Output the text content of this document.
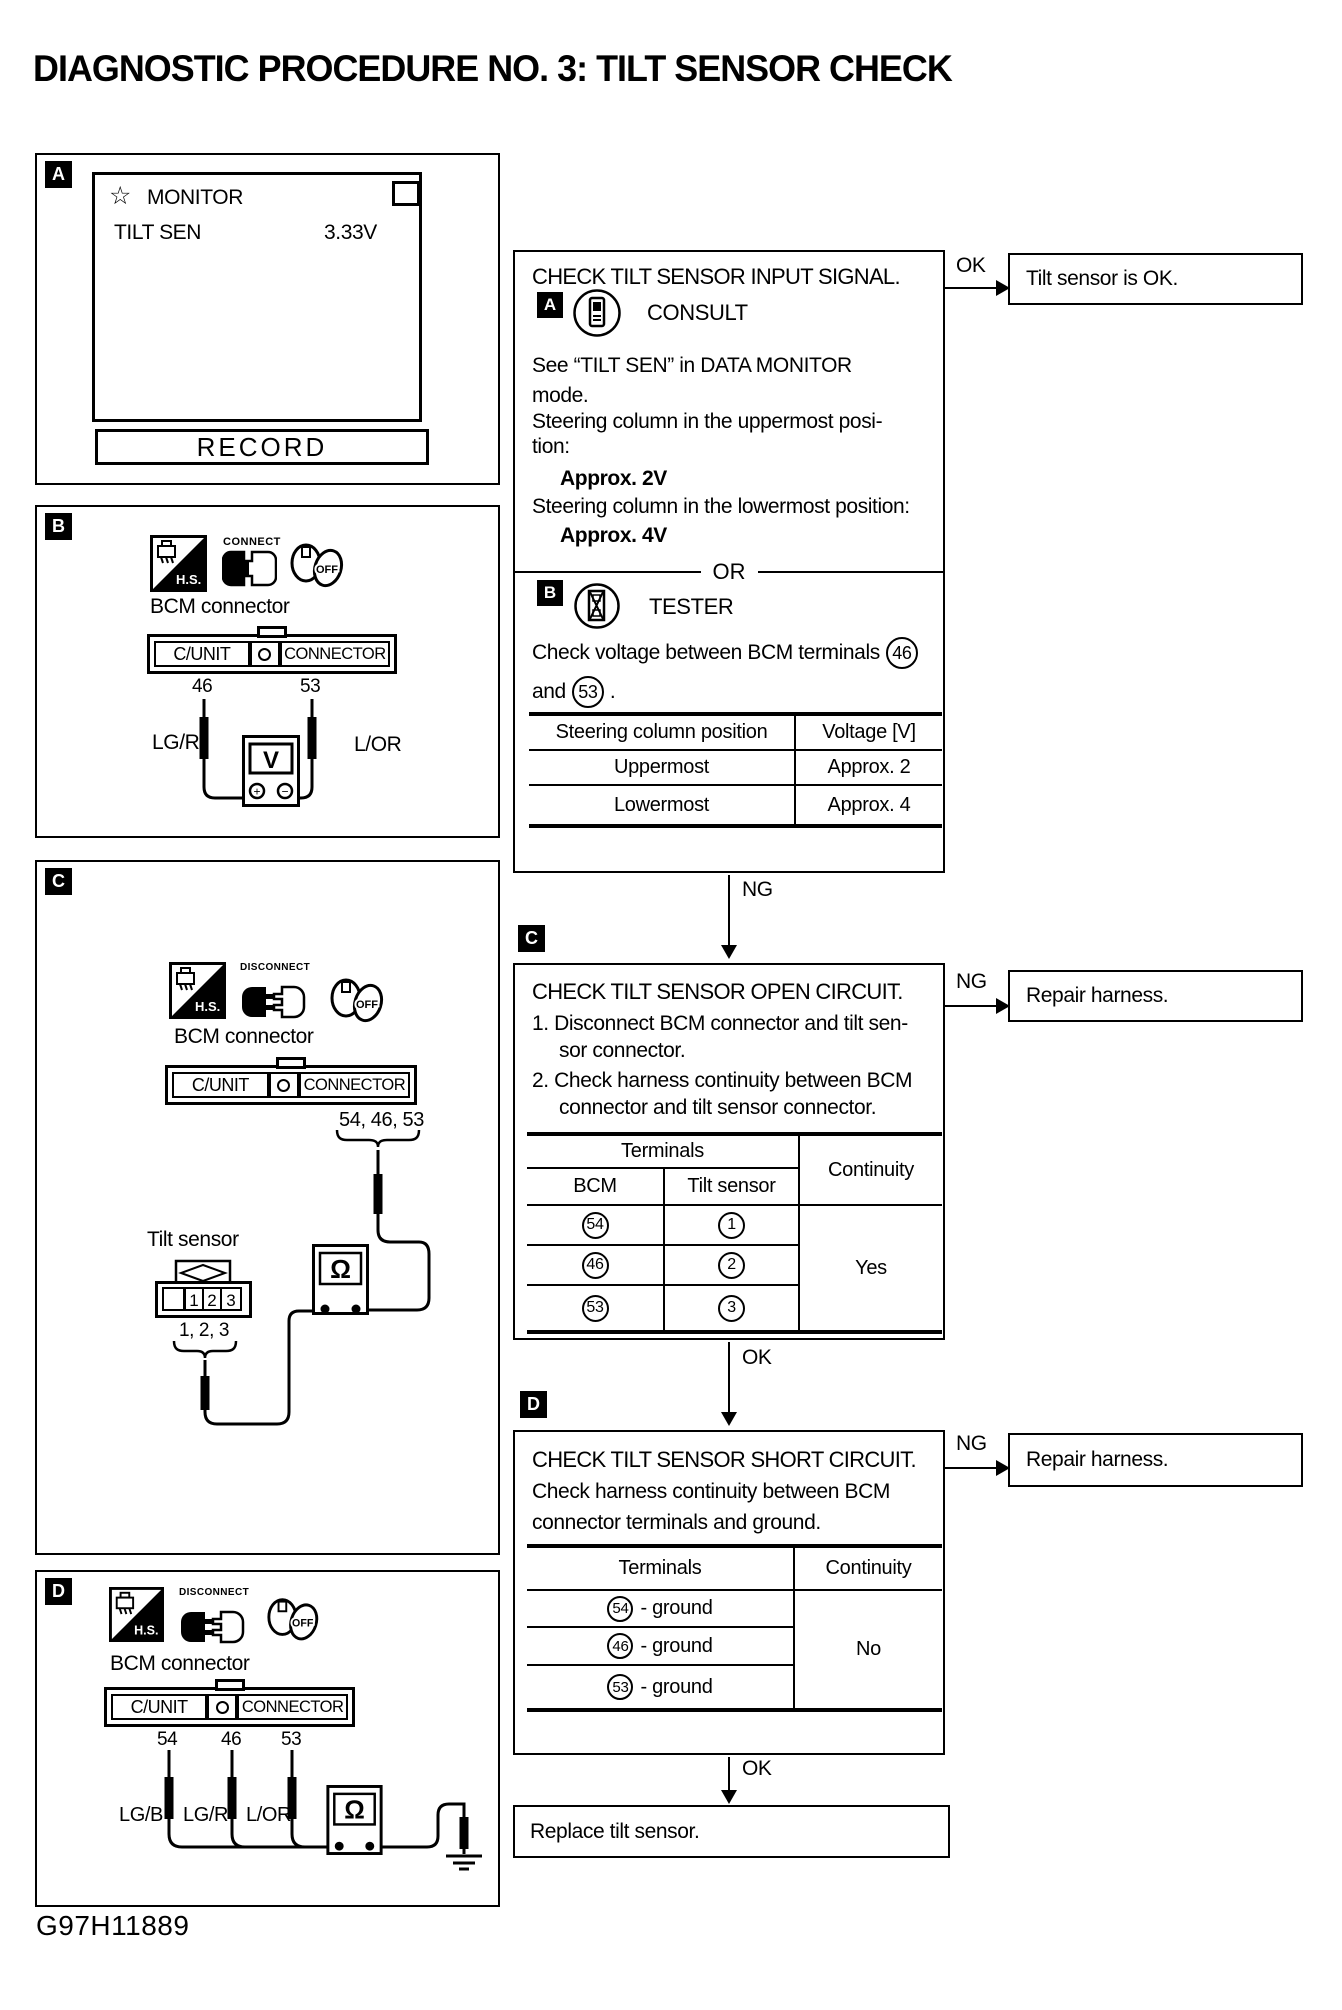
DIAGNOSTIC PROCEDURE NO. 3: TILT SENSOR CHECK
A
☆ MONITOR
TILT SEN	3.33V
RECORD
B
H.S.
CONNECT
OFF
BCM connector
C/UNIT	CONNECTOR
46	53
LG/R	L/OR
V
+ −
C
H.S.
DISCONNECT
OFF
BCM connector
C/UNIT	CONNECTOR
54, 46, 53
Tilt sensor
1 2 3
1, 2, 3
Ω
D
H.S.
DISCONNECT
OFF
BCM connector
C/UNIT	CONNECTOR
54 46 53
LG/B LG/R L/OR Ω
G97H11889
CHECK TILT SENSOR INPUT SIGNAL.
A	CONSULT
See “TILT SEN” in DATA MONITOR
mode.
Steering column in the uppermost posi-
tion:
Approx. 2V
Steering column in the lowermost position:
Approx. 4V
OR
B
TESTER
Check voltage between BCM terminals 46
and 53 .
Steering column position	Voltage [V]
Uppermost	Approx. 2
Lowermost	Approx. 4
OK
Tilt sensor is OK.
NG
C
CHECK TILT SENSOR OPEN CIRCUIT.
1. Disconnect BCM connector and tilt sen-
sor connector.
2. Check harness continuity between BCM
connector and tilt sensor connector.
Terminals
Continuity
BCM	Tilt sensor
54	1
46	2
53	3
Yes
NG
Repair harness.
OK
D
CHECK TILT SENSOR SHORT CIRCUIT.
Check harness continuity between BCM
connector terminals and ground.
Terminals	Continuity
54 - ground
46 - ground
53 - ground
No
NG
Repair harness.
OK
Replace tilt sensor.
